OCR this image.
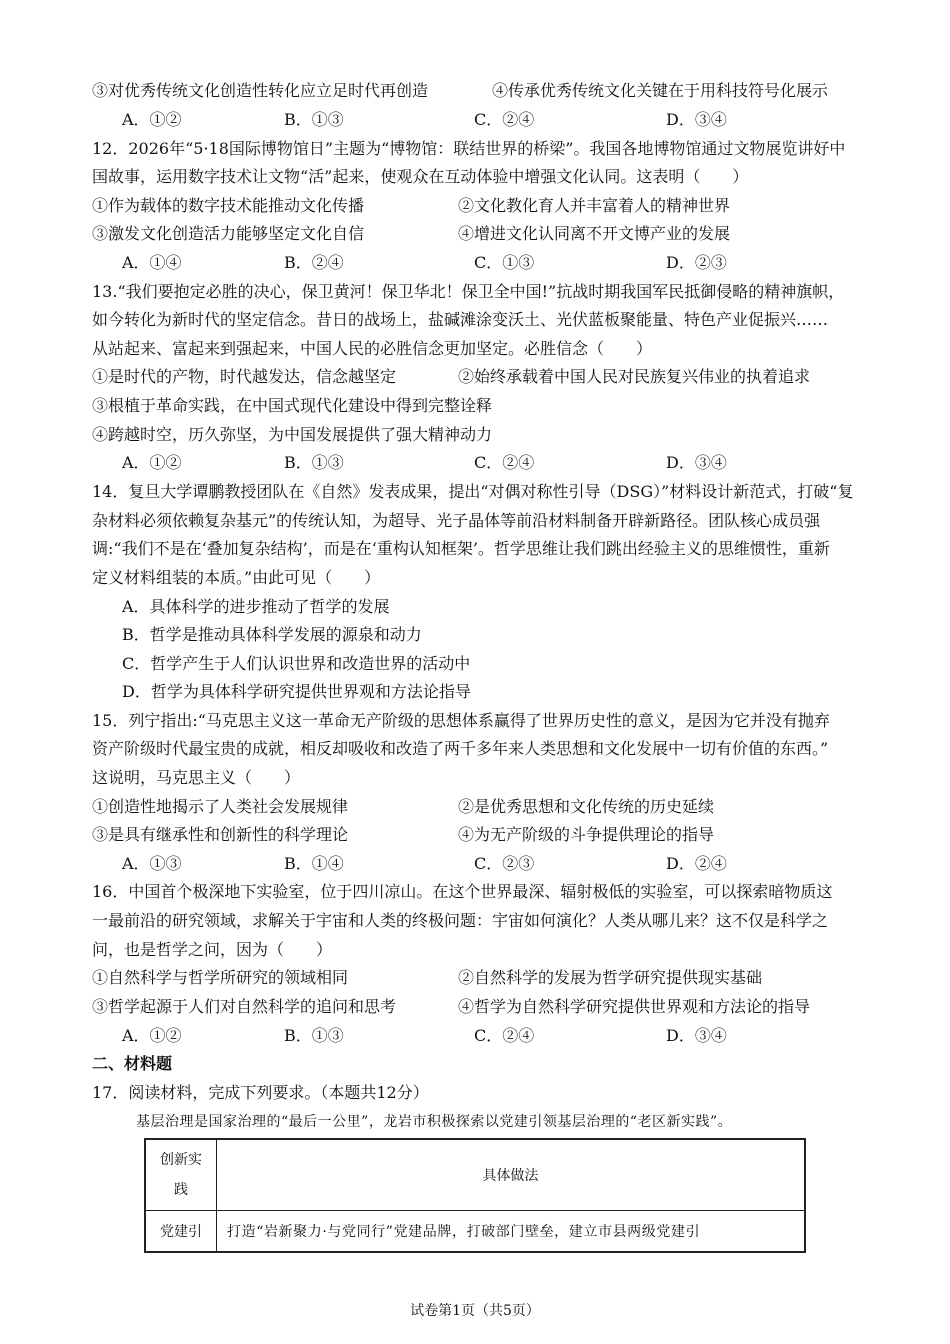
③对优秀传统文化创造性转化应立足时代再创造	④传承优秀传统文化关键在于用科技符号化展示
A．①②	B．①③	C．②④	D．③④
12．2026年“5·18国际博物馆日”主题为“博物馆：联结世界的桥梁”。我国各地博物馆通过文物展览讲好中
国故事，运用数字技术让文物“活”起来，使观众在互动体验中增强文化认同。这表明（　　）
①作为载体的数字技术能推动文化传播	②文化教化育人并丰富着人的精神世界
③激发文化创造活力能够坚定文化自信	④增进文化认同离不开文博产业的发展
A．①④	B．②④	C．①③	D．②③
13.“我们要抱定必胜的决心，保卫黄河！保卫华北！保卫全中国!”抗战时期我国军民抵御侵略的精神旗帜，
如今转化为新时代的坚定信念。昔日的战场上，盐碱滩涂变沃土、光伏蓝板聚能量、特色产业促振兴……
从站起来、富起来到强起来，中国人民的必胜信念更加坚定。必胜信念（　　）
①是时代的产物，时代越发达，信念越坚定	②始终承载着中国人民对民族复兴伟业的执着追求
③根植于革命实践，在中国式现代化建设中得到完整诠释
④跨越时空，历久弥坚，为中国发展提供了强大精神动力
A．①②	B．①③	C．②④	D．③④
14．复旦大学谭鹏教授团队在《自然》发表成果，提出“对偶对称性引导（DSG）”材料设计新范式，打破“复
杂材料必须依赖复杂基元”的传统认知，为超导、光子晶体等前沿材料制备开辟新路径。团队核心成员强
调:“我们不是在‘叠加复杂结构’，而是在‘重构认知框架’。哲学思维让我们跳出经验主义的思维惯性，重新
定义材料组装的本质。”由此可见（　　）
A．具体科学的进步推动了哲学的发展
B．哲学是推动具体科学发展的源泉和动力
C．哲学产生于人们认识世界和改造世界的活动中
D．哲学为具体科学研究提供世界观和方法论指导
15．列宁指出:“马克思主义这一革命无产阶级的思想体系赢得了世界历史性的意义，是因为它并没有抛弃
资产阶级时代最宝贵的成就，相反却吸收和改造了两千多年来人类思想和文化发展中一切有价值的东西。”
这说明，马克思主义（　　）
①创造性地揭示了人类社会发展规律	②是优秀思想和文化传统的历史延续
③是具有继承性和创新性的科学理论	④为无产阶级的斗争提供理论的指导
A．①③	B．①④	C．②③	D．②④
16．中国首个极深地下实验室，位于四川凉山。在这个世界最深、辐射极低的实验室，可以探索暗物质这
一最前沿的研究领域，求解关于宇宙和人类的终极问题：宇宙如何演化？人类从哪儿来？这不仅是科学之
问，也是哲学之问，因为（　　）
①自然科学与哲学所研究的领域相同	②自然科学的发展为哲学研究提供现实基础
③哲学起源于人们对自然科学的追问和思考	④哲学为自然科学研究提供世界观和方法论的指导
A．①②	B．①③	C．②④	D．③④
二、材料题
17．阅读材料，完成下列要求。（本题共12分）
基层治理是国家治理的“最后一公里”，龙岩市积极探索以党建引领基层治理的“老区新实践”。
创新实
践	具体做法
党建引	打造“岩新聚力·与党同行”党建品牌，打破部门壁垒，建立市县两级党建引
试卷第1页（共5页）
